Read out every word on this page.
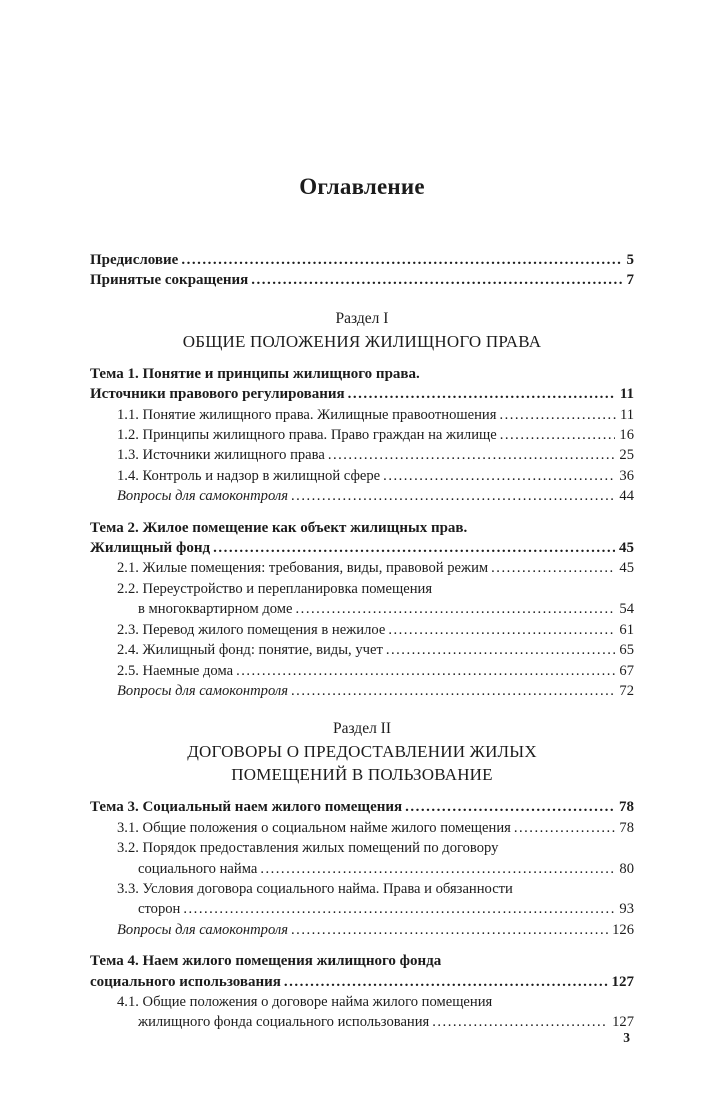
Оглавление
Предисловие .....	5
Принятые сокращения .....	7
Раздел I
ОБЩИЕ ПОЛОЖЕНИЯ ЖИЛИЩНОГО ПРАВА
Тема 1. Понятие и принципы жилищного права.
Источники правового регулирования .....	11
1.1. Понятие жилищного права. Жилищные правоотношения .....	11
1.2. Принципы жилищного права. Право граждан на жилище .....	16
1.3. Источники жилищного права .....	25
1.4. Контроль и надзор в жилищной сфере .....	36
Вопросы для самоконтроля .....	44
Тема 2. Жилое помещение как объект жилищных прав.
Жилищный фонд .....	45
2.1. Жилые помещения: требования, виды, правовой режим .....	45
2.2. Переустройство и перепланировка помещения
в многоквартирном доме .....	54
2.3. Перевод жилого помещения в нежилое .....	61
2.4. Жилищный фонд: понятие, виды, учет .....	65
2.5. Наемные дома .....	67
Вопросы для самоконтроля .....	72
Раздел II
ДОГОВОРЫ О ПРЕДОСТАВЛЕНИИ ЖИЛЫХ
ПОМЕЩЕНИЙ В ПОЛЬЗОВАНИЕ
Тема 3. Социальный наем жилого помещения .....	78
3.1. Общие положения о социальном найме жилого помещения .....	78
3.2. Порядок предоставления жилых помещений по договору
социального найма .....	80
3.3. Условия договора социального найма. Права и обязанности
сторон .....	93
Вопросы для самоконтроля .....	126
Тема 4. Наем жилого помещения жилищного фонда
социального использования .....	127
4.1. Общие положения о договоре найма жилого помещения
жилищного фонда социального использования .....	127
3
